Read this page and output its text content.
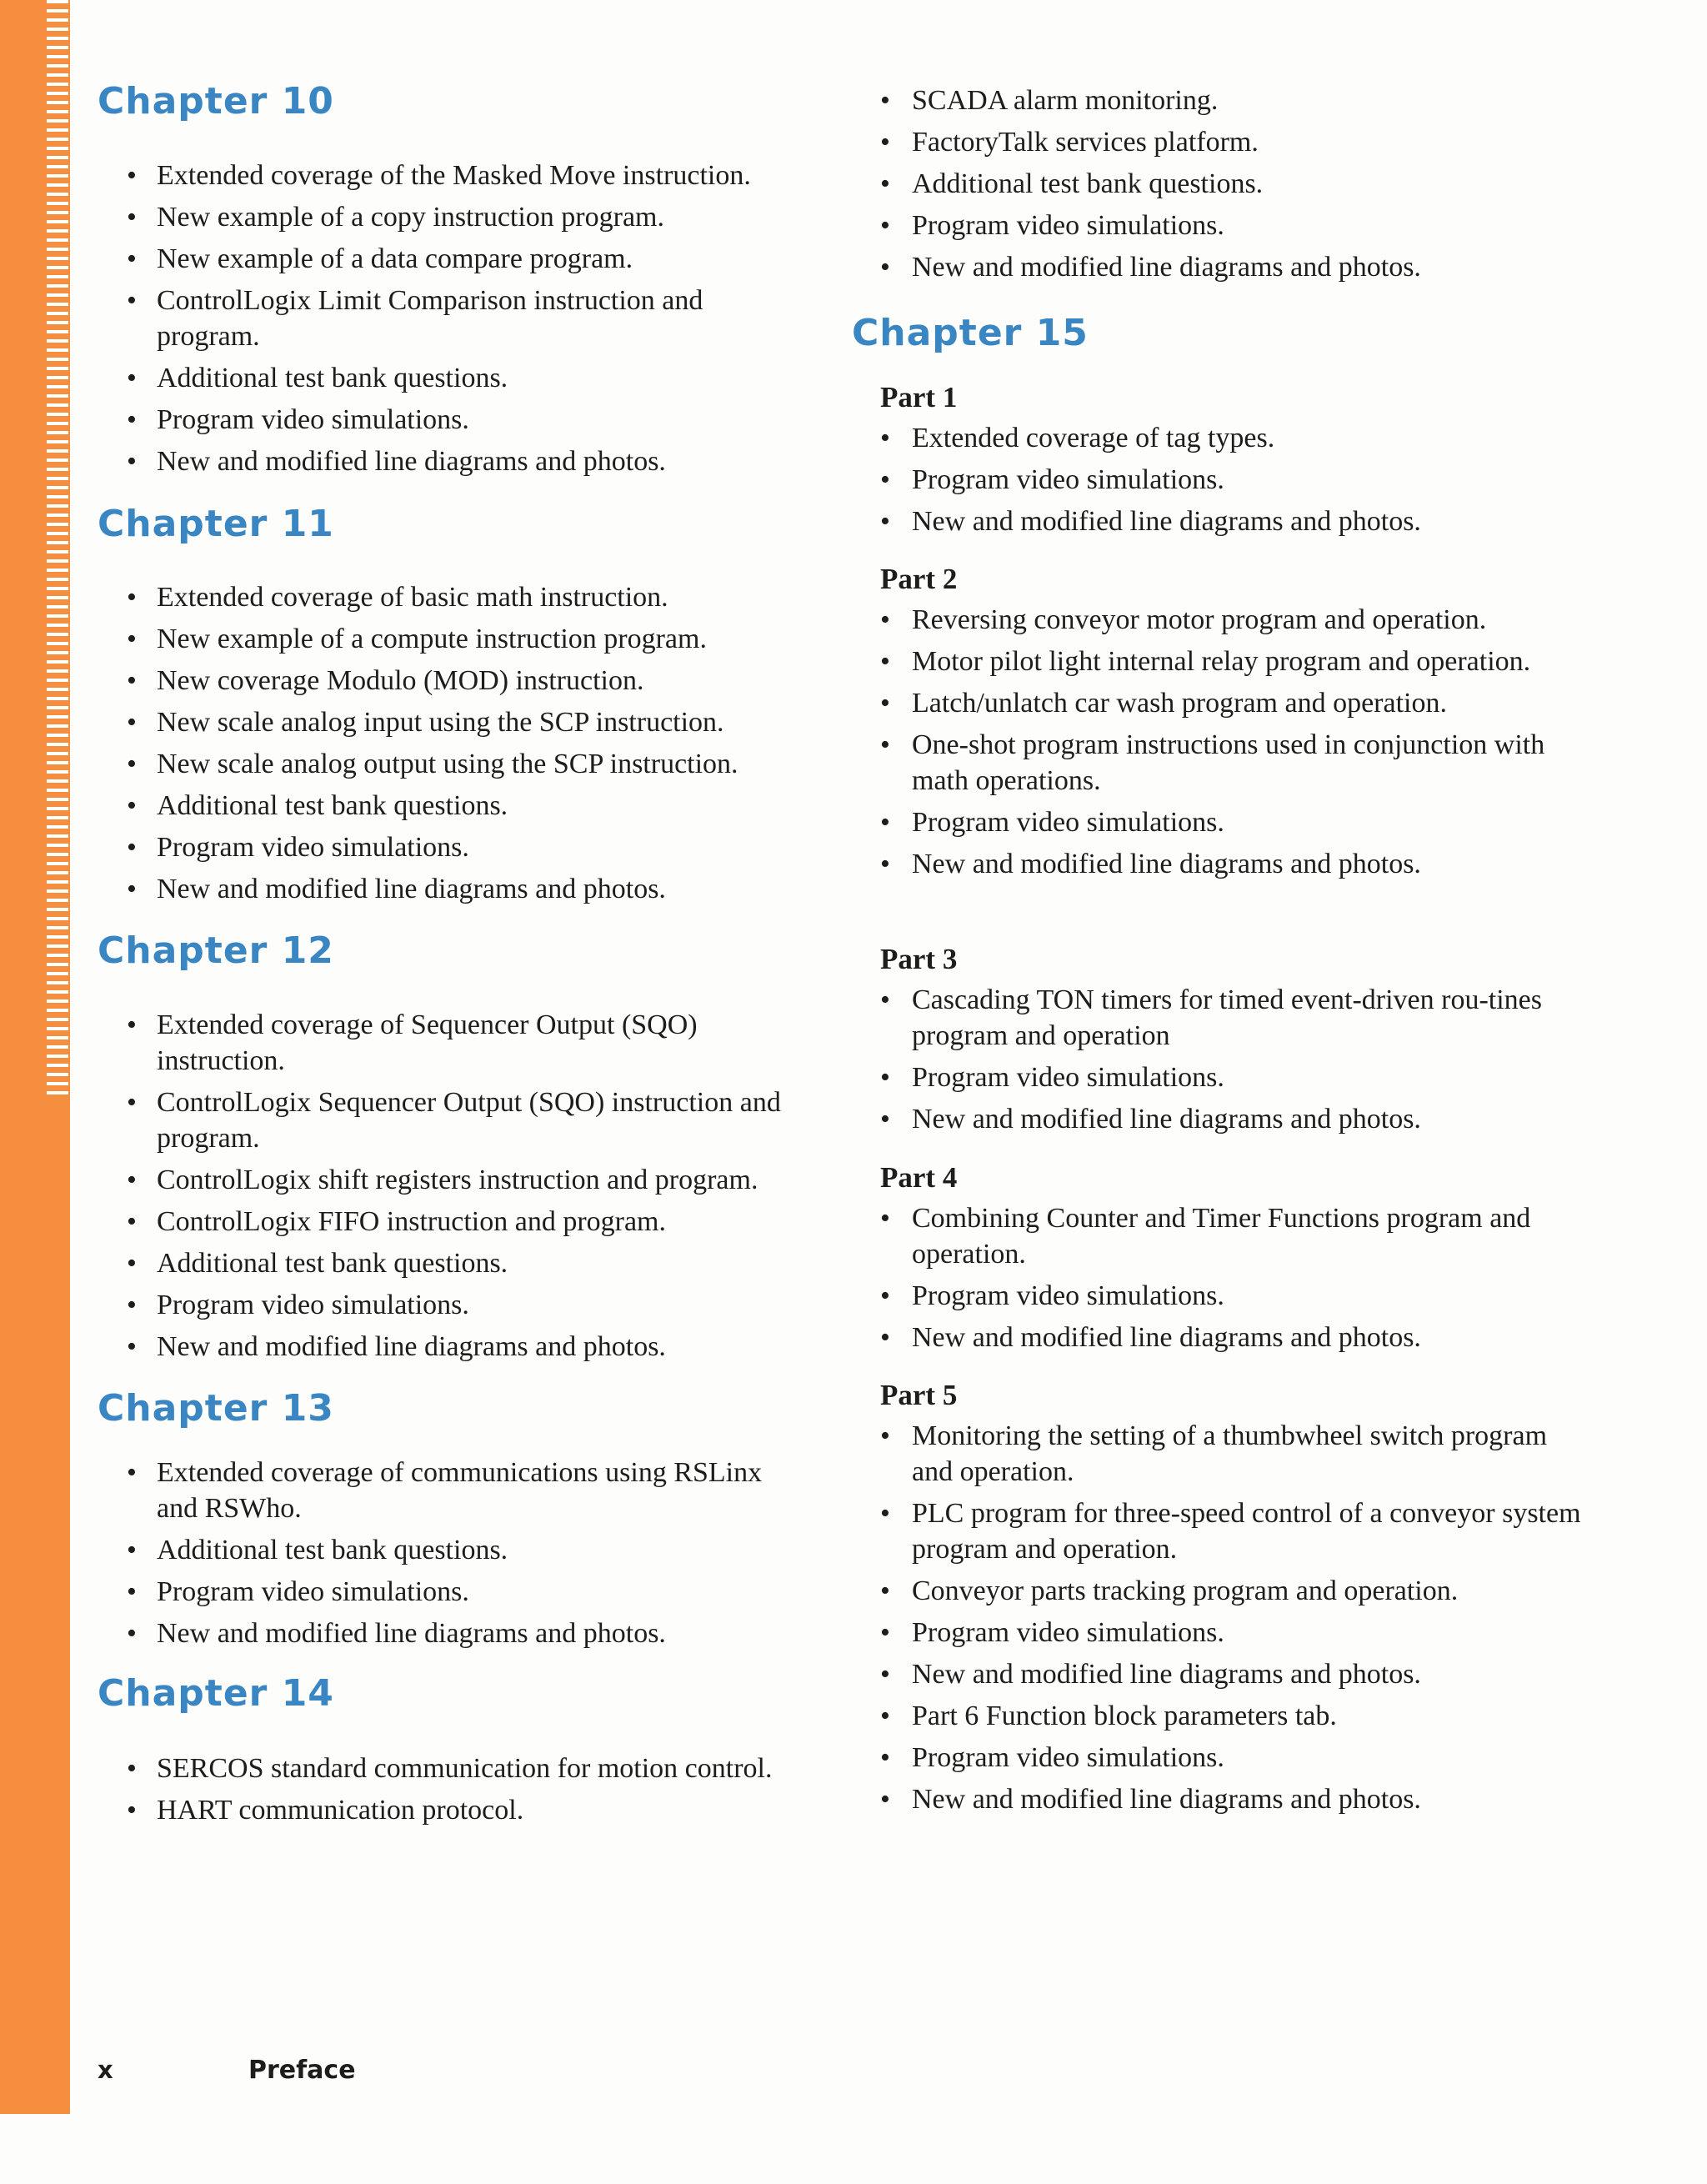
Chapter 10
• Extended coverage of the Masked Move instruction.
• New example of a copy instruction program.
• New example of a data compare program.
• ControlLogix Limit Comparison instruction and program.
• Additional test bank questions.
• Program video simulations.
• New and modified line diagrams and photos.
Chapter 11
• Extended coverage of basic math instruction.
• New example of a compute instruction program.
• New coverage Modulo (MOD) instruction.
• New scale analog input using the SCP instruction.
• New scale analog output using the SCP instruction.
• Additional test bank questions.
• Program video simulations.
• New and modified line diagrams and photos.
Chapter 12
• Extended coverage of Sequencer Output (SQO) instruction.
• ControlLogix Sequencer Output (SQO) instruction and program.
• ControlLogix shift registers instruction and program.
• ControlLogix FIFO instruction and program.
• Additional test bank questions.
• Program video simulations.
• New and modified line diagrams and photos.
Chapter 13
• Extended coverage of communications using RSLinx and RSWho.
• Additional test bank questions.
• Program video simulations.
• New and modified line diagrams and photos.
Chapter 14
• SERCOS standard communication for motion control.
• HART communication protocol.
• SCADA alarm monitoring.
• FactoryTalk services platform.
• Additional test bank questions.
• Program video simulations.
• New and modified line diagrams and photos.
Chapter 15
Part 1
• Extended coverage of tag types.
• Program video simulations.
• New and modified line diagrams and photos.
Part 2
• Reversing conveyor motor program and operation.
• Motor pilot light internal relay program and operation.
• Latch/unlatch car wash program and operation.
• One-shot program instructions used in conjunction with math operations.
• Program video simulations.
• New and modified line diagrams and photos.
Part 3
• Cascading TON timers for timed event-driven rou-tines program and operation
• Program video simulations.
• New and modified line diagrams and photos.
Part 4
• Combining Counter and Timer Functions program and operation.
• Program video simulations.
• New and modified line diagrams and photos.
Part 5
• Monitoring the setting of a thumbwheel switch program and operation.
• PLC program for three-speed control of a conveyor system program and operation.
• Conveyor parts tracking program and operation.
• Program video simulations.
• New and modified line diagrams and photos.
• Part 6 Function block parameters tab.
• Program video simulations.
• New and modified line diagrams and photos.
x	Preface
